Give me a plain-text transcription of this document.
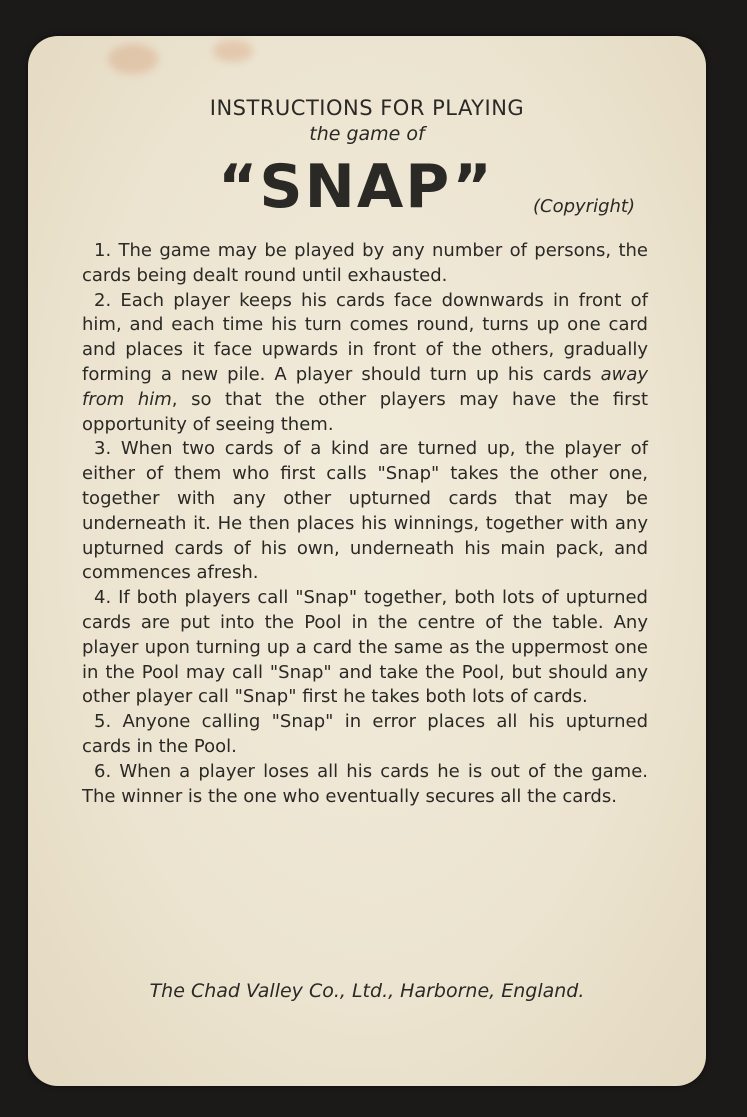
INSTRUCTIONS FOR PLAYING
the game of
“SNAP” (Copyright)

1. The game may be played by any number of persons, the cards being dealt round until exhausted.

2. Each player keeps his cards face downwards in front of him, and each time his turn comes round, turns up one card and places it face upwards in front of the others, gradually forming a new pile. A player should turn up his cards away from him, so that the other players may have the first opportunity of seeing them.

3. When two cards of a kind are turned up, the player of either of them who first calls "Snap" takes the other one, together with any other upturned cards that may be underneath it. He then places his winnings, together with any upturned cards of his own, underneath his main pack, and commences afresh.

4. If both players call "Snap" together, both lots of upturned cards are put into the Pool in the centre of the table. Any player upon turning up a card the same as the uppermost one in the Pool may call "Snap" and take the Pool, but should any other player call "Snap" first he takes both lots of cards.

5. Anyone calling "Snap" in error places all his upturned cards in the Pool.

6. When a player loses all his cards he is out of the game. The winner is the one who eventually secures all the cards.

The Chad Valley Co., Ltd., Harborne, England.
